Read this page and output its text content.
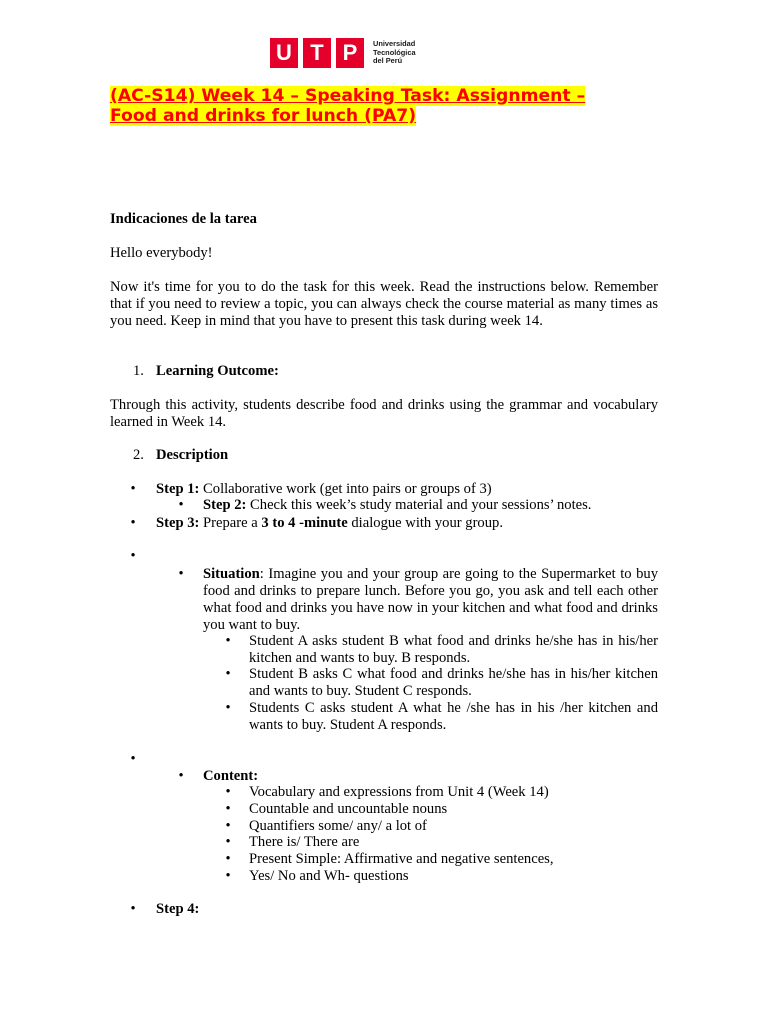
U T P	Universidad
Tecnológica
del Perú
(AC-S14) Week 14 – Speaking Task: Assignment –
Food and drinks for lunch (PA7)
Indicaciones de la tarea
Hello everybody!
Now it's time for you to do the task for this week. Read the instructions below. Remember that if you need to review a topic, you can always check the course material as many times as you need. Keep in mind that you have to present this task during week 14.
1. Learning Outcome:
Through this activity, students describe food and drinks using the grammar and vocabulary learned in Week 14.
2. Description
• Step 1: Collaborative work (get into pairs or groups of 3)
• Step 2: Check this week’s study material and your sessions’ notes.
• Step 3: Prepare a 3 to 4 -minute dialogue with your group.
•
• Situation: Imagine you and your group are going to the Supermarket to buy food and drinks to prepare lunch. Before you go, you ask and tell each other what food and drinks you have now in your kitchen and what food and drinks you want to buy.
• Student A asks student B what food and drinks he/she has in his/her kitchen and wants to buy. B responds.
• Student B asks C what food and drinks he/she has in his/her kitchen and wants to buy. Student C responds.
• Students C asks student A what he /she has in his /her kitchen and wants to buy. Student A responds.
•
• Content:
• Vocabulary and expressions from Unit 4 (Week 14)
• Countable and uncountable nouns
• Quantifiers some/ any/ a lot of
• There is/ There are
• Present Simple: Affirmative and negative sentences,
• Yes/ No and Wh- questions
• Step 4:
